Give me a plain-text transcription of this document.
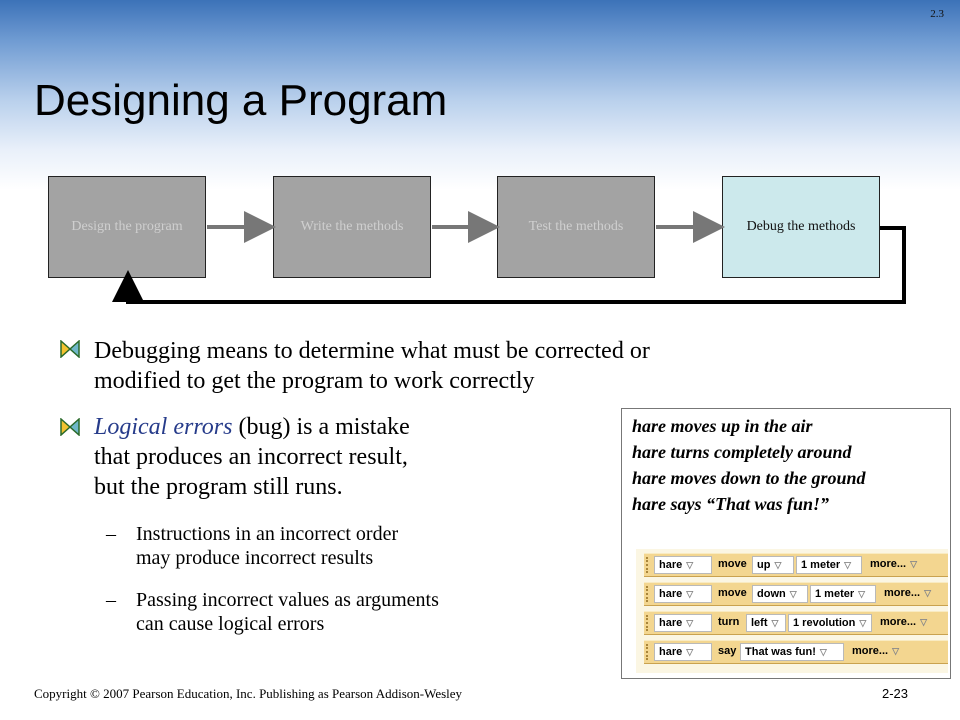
2.3
Designing a Program
Design the program	Write the methods	Test the methods	Debug the methods
Debugging means to determine what must be corrected or
modified to get the program to work correctly
Logical errors (bug) is a mistake
that produces an incorrect result,
but the program still runs.
– Instructions in an incorrect order
may produce incorrect results
– Passing incorrect values as arguments
can cause logical errors
hare moves up in the air
hare turns completely around
hare moves down to the ground
hare says “That was fun!”
hare ▽	move up ▽	1 meter ▽	more... ▽
hare ▽	move down ▽	1 meter ▽	more... ▽
hare ▽	turn	left ▽	1 revolution ▽	more... ▽
hare ▽	say That was fun! ▽	more... ▽
Copyright © 2007 Pearson Education, Inc. Publishing as Pearson Addison-Wesley	2-23
